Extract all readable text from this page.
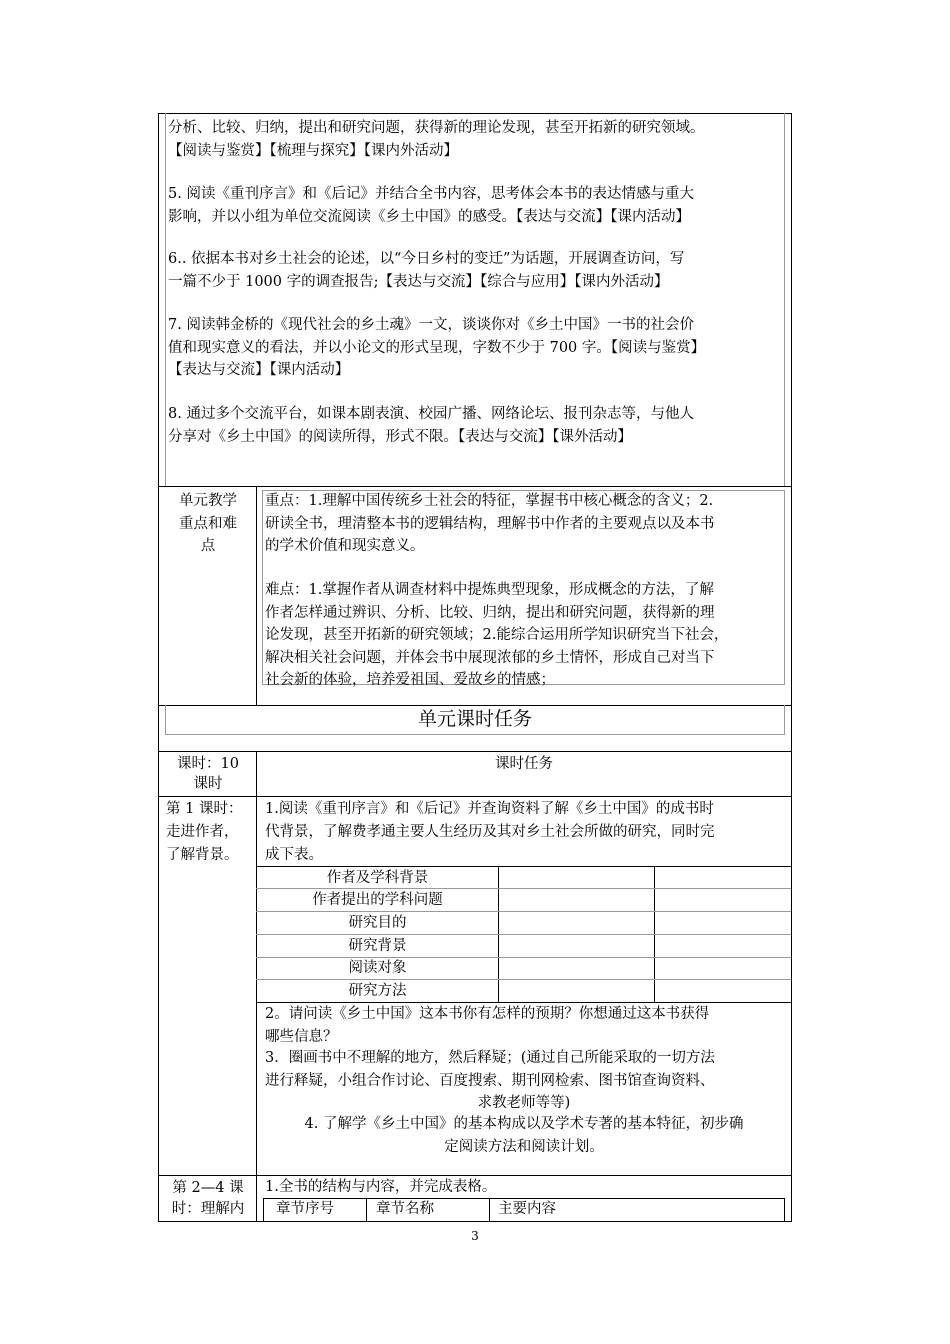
分析、比较、归纳，提出和研究问题，获得新的理论发现，甚至开拓新的研究领域。

【阅读与鉴赏】【梳理与探究】【课内外活动】

5. 阅读《重刊序言》和《后记》并结合全书内容，思考体会本书的表达情感与重大

影响，并以小组为单位交流阅读《乡土中国》的感受。【表达与交流】【课内活动】

6.. 依据本书对乡土社会的论述，以“今日乡村的变迁”为话题，开展调查访问，写

一篇不少于 1000 字的调查报告;【表达与交流】【综合与应用】【课内外活动】

7. 阅读韩金桥的《现代社会的乡土魂》一文，谈谈你对《乡土中国》一书的社会价

值和现实意义的看法，并以小论文的形式呈现，字数不少于 700 字。【阅读与鉴赏】

【表达与交流】【课内活动】

8. 通过多个交流平台，如课本剧表演、校园广播、网络论坛、报刊杂志等，与他人

分享对《乡土中国》的阅读所得，形式不限。【表达与交流】【课外活动】

单元教学
重点和难
点

重点：1.理解中国传统乡土社会的特征，掌握书中核心概念的含义；2.

研读全书，理清整本书的逻辑结构，理解书中作者的主要观点以及本书

的学术价值和现实意义。

难点：1.掌握作者从调查材料中提炼典型现象，形成概念的方法，了解

作者怎样通过辨识、分析、比较、归纳，提出和研究问题，获得新的理

论发现，甚至开拓新的研究领域；2.能综合运用所学知识研究当下社会，

解决相关社会问题，并体会书中展现浓郁的乡土情怀，形成自己对当下

社会新的体验，培养爱祖国、爱故乡的情感；

单元课时任务
课时：10
课时
课时任务
第 1 课时：
走进作者，
了解背景。

1.阅读《重刊序言》和《后记》并查询资料了解《乡土中国》的成书时

代背景，了解费孝通主要人生经历及其对乡土社会所做的研究，同时完

成下表。

作者及学科背景
作者提出的学科问题
研究目的
研究背景
阅读对象
研究方法

2。请问读《乡土中国》这本书你有怎样的预期？你想通过这本书获得

哪些信息？

3．圈画书中不理解的地方，然后释疑；(通过自己所能采取的一切方法

进行释疑，小组合作讨论、百度搜索、期刊网检索、图书馆查询资料、

求教老师等等)

4. 了解学《乡土中国》的基本构成以及学术专著的基本特征，初步确
定阅读方法和阅读计划。
第 2—4 课
时：理解内
1.全书的结构与内容，并完成表格。
章节序号	章节名称	主要内容
3
